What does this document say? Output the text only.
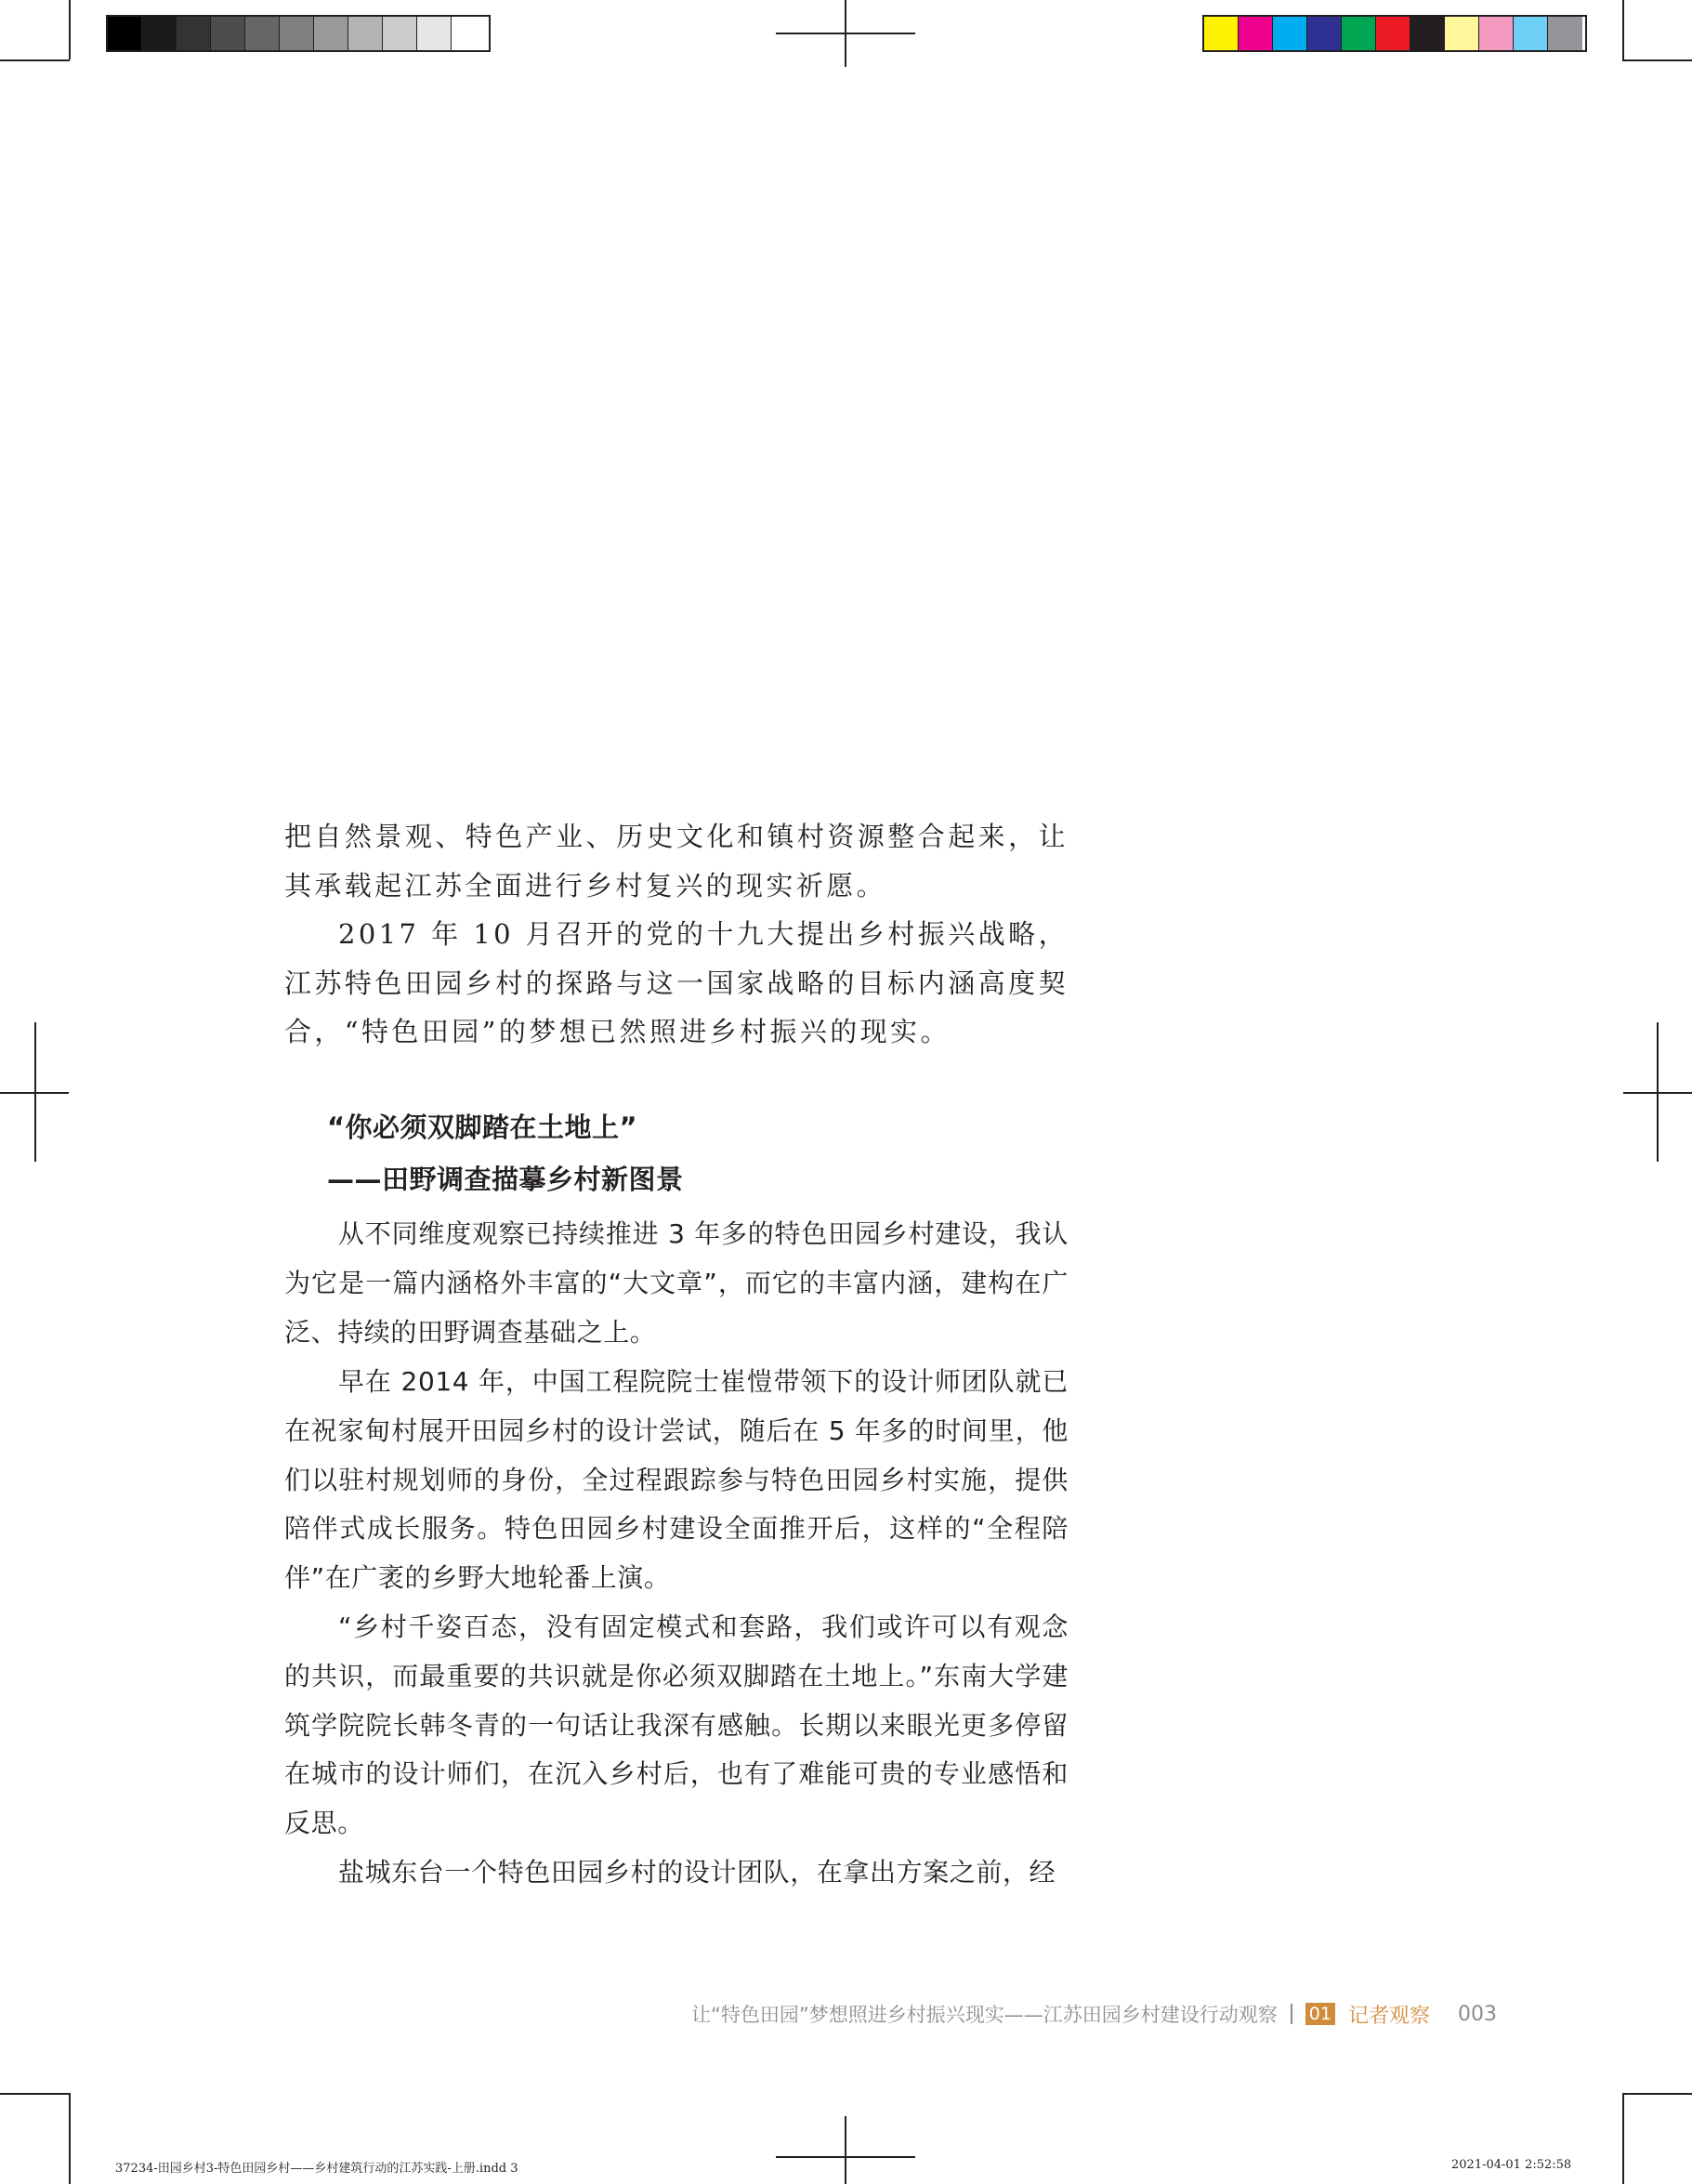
把自然景观、特色产业、历史文化和镇村资源整合起来，让其承载起江苏全面进行乡村复兴的现实祈愿。

2017 年 10 月召开的党的十九大提出乡村振兴战略，江苏特色田园乡村的探路与这一国家战略的目标内涵高度契合，“特色田园”的梦想已然照进乡村振兴的现实。

“你必须双脚踏在土地上”

——田野调查描摹乡村新图景

从不同维度观察已持续推进 3 年多的特色田园乡村建设，我认为它是一篇内涵格外丰富的“大文章”，而它的丰富内涵，建构在广泛、持续的田野调查基础之上。

早在 2014 年，中国工程院院士崔愷带领下的设计师团队就已在祝家甸村展开田园乡村的设计尝试，随后在 5 年多的时间里，他们以驻村规划师的身份，全过程跟踪参与特色田园乡村实施，提供陪伴式成长服务。特色田园乡村建设全面推开后，这样的“全程陪伴”在广袤的乡野大地轮番上演。

“乡村千姿百态，没有固定模式和套路，我们或许可以有观念的共识，而最重要的共识就是你必须双脚踏在土地上。”东南大学建筑学院院长韩冬青的一句话让我深有感触。长期以来眼光更多停留在城市的设计师们，在沉入乡村后，也有了难能可贵的专业感悟和反思。

盐城东台一个特色田园乡村的设计团队，在拿出方案之前，经

让“特色田园”梦想照进乡村振兴现实——江苏田园乡村建设行动观察 01 记者观察 003
37234-田园乡村3-特色田园乡村——乡村建筑行动的江苏实践-上册.indd 3	2021-04-01 2:52:58
